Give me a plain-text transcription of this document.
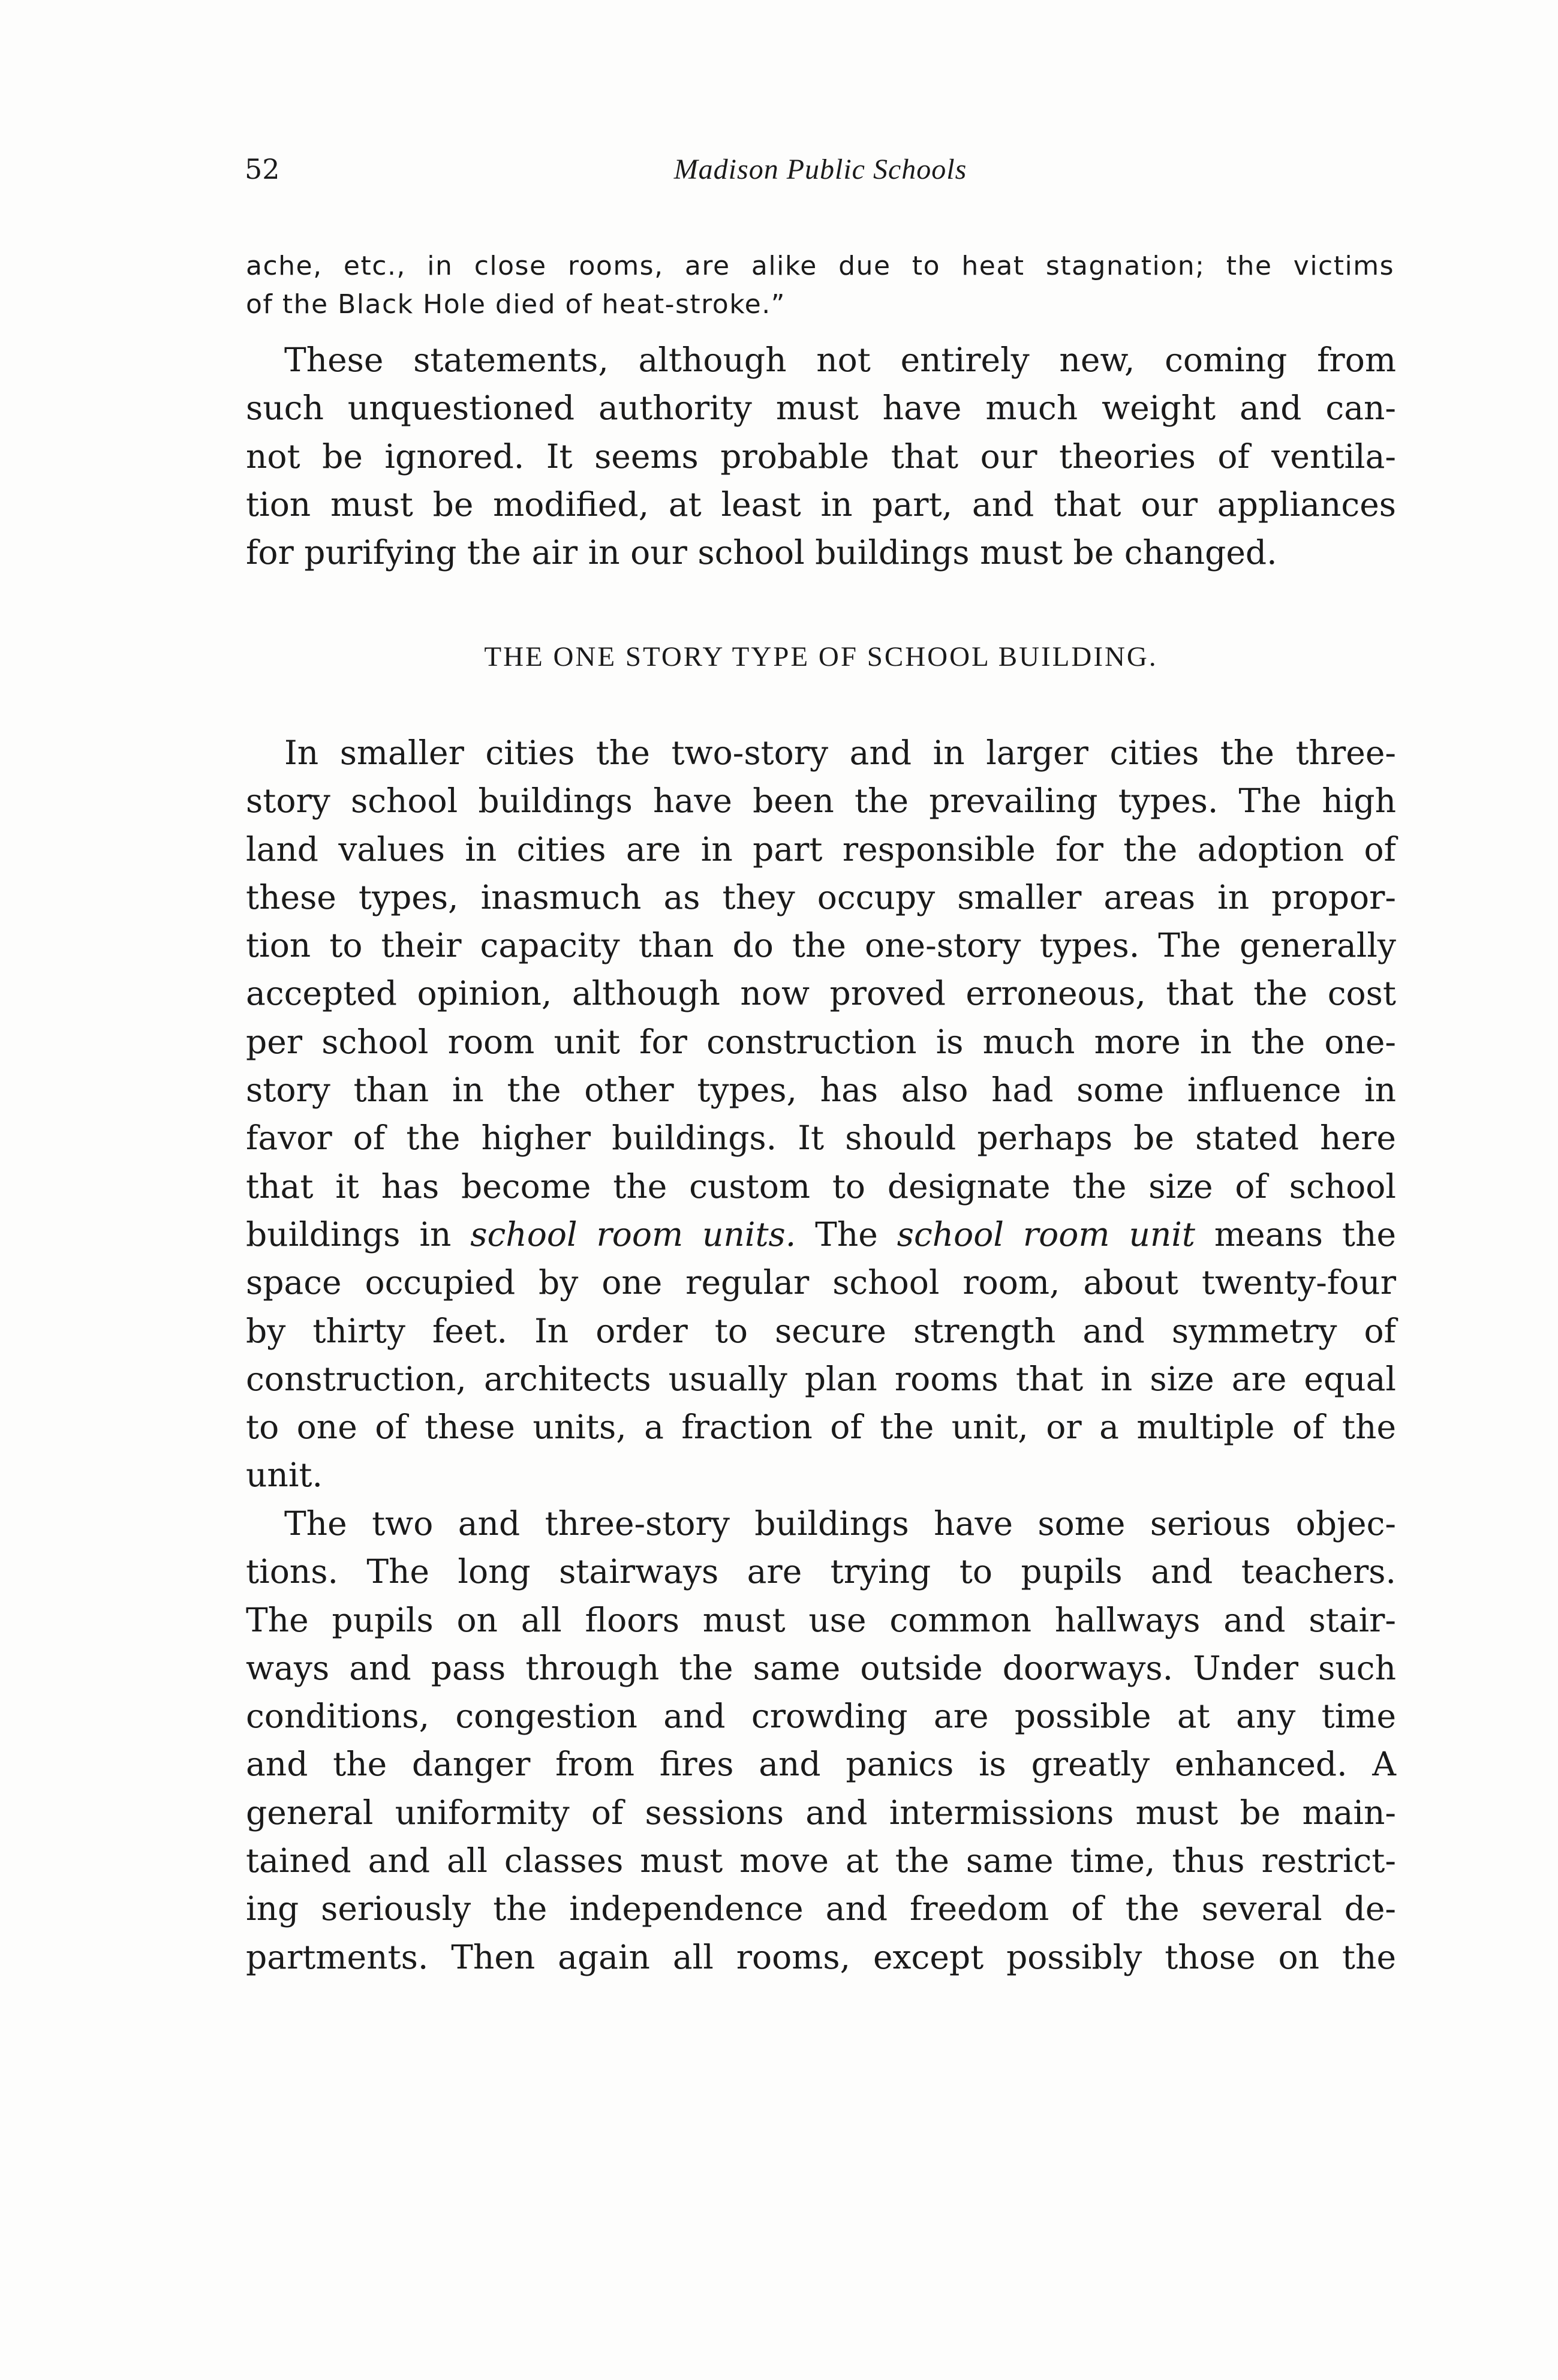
52	Madison Public Schools
ache, etc., in close rooms, are alike due to heat stagnation; the victims
of the Black Hole died of heat-stroke.”
These statements, although not entirely new, coming from
such unquestioned authority must have much weight and can-
not be ignored. It seems probable that our theories of ventila-
tion must be modified, at least in part, and that our appliances
for purifying the air in our school buildings must be changed.
THE ONE STORY TYPE OF SCHOOL BUILDING.
In smaller cities the two-story and in larger cities the three-
story school buildings have been the prevailing types. The high
land values in cities are in part responsible for the adoption of
these types, inasmuch as they occupy smaller areas in propor-
tion to their capacity than do the one-story types. The generally
accepted opinion, although now proved erroneous, that the cost
per school room unit for construction is much more in the one-
story than in the other types, has also had some influence in
favor of the higher buildings. It should perhaps be stated here
that it has become the custom to designate the size of school
buildings in school room units. The school room unit means the
space occupied by one regular school room, about twenty-four
by thirty feet. In order to secure strength and symmetry of
construction, architects usually plan rooms that in size are equal
to one of these units, a fraction of the unit, or a multiple of the
unit.
The two and three-story buildings have some serious objec-
tions. The long stairways are trying to pupils and teachers.
The pupils on all floors must use common hallways and stair-
ways and pass through the same outside doorways. Under such
conditions, congestion and crowding are possible at any time
and the danger from fires and panics is greatly enhanced. A
general uniformity of sessions and intermissions must be main-
tained and all classes must move at the same time, thus restrict-
ing seriously the independence and freedom of the several de-
partments. Then again all rooms, except possibly those on the
